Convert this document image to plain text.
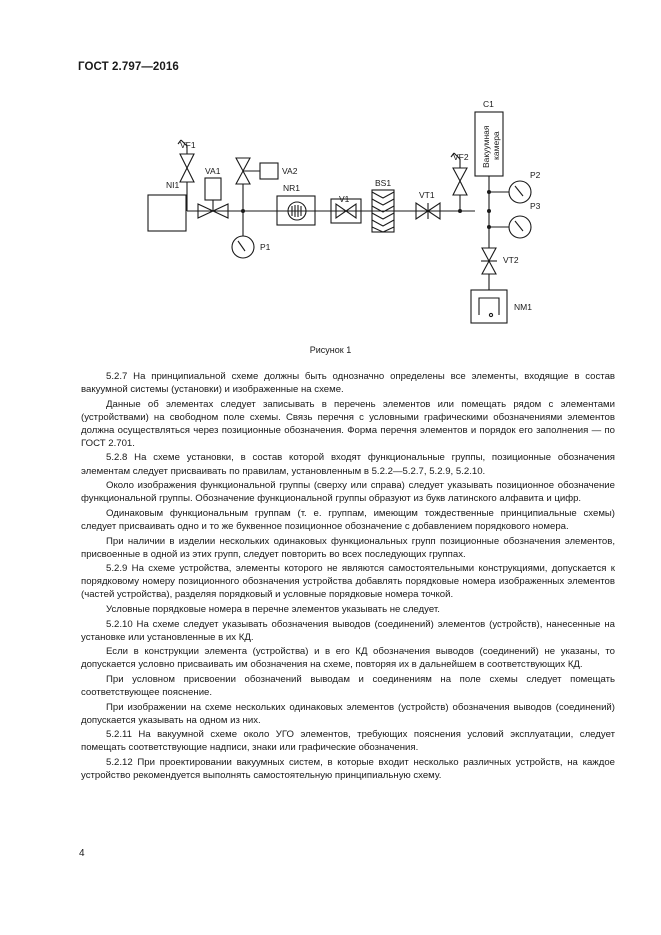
ГОСТ 2.797—2016
VF1
NI1
VA1	VA2
P1
NR1
V1
BS1
VT1
VF2
C1
Вакуумная камера
P2
P3
VT2
NM1
Рисунок 1

5.2.7 На принципиальной схеме должны быть однозначно определены все элементы, входящие в состав вакуумной системы (установки) и изображенные на схеме.

Данные об элементах следует записывать в перечень элементов или помещать рядом с элементами (устройствами) на свободном поле схемы. Связь перечня с условными графическими обозначениями элементов должна осуществляться через позиционные обозначения. Форма перечня элементов и порядок его заполнения — по ГОСТ 2.701.

5.2.8 На схеме установки, в состав которой входят функциональные группы, позиционные обозначения элементам следует присваивать по правилам, установленным в 5.2.2—5.2.7, 5.2.9, 5.2.10.

Около изображения функциональной группы (сверху или справа) следует указывать позиционное обозначение функциональной группы. Обозначение функциональной группы образуют из букв латинского алфавита и цифр.

Одинаковым функциональным группам (т. е. группам, имеющим тождественные принципиальные схемы) следует присваивать одно и то же буквенное позиционное обозначение с добавлением порядкового номера.

При наличии в изделии нескольких одинаковых функциональных групп позиционные обозначения элементов, присвоенные в одной из этих групп, следует повторить во всех последующих группах.

5.2.9 На схеме устройства, элементы которого не являются самостоятельными конструкциями, допускается к порядковому номеру позиционного обозначения устройства добавлять порядковые номера изображенных элементов (частей устройства), разделяя порядковый и условные порядковые номера точкой.

Условные порядковые номера в перечне элементов указывать не следует.

5.2.10 На схеме следует указывать обозначения выводов (соединений) элементов (устройств), нанесенные на установке или установленные в их КД.

Если в конструкции элемента (устройства) и в его КД обозначения выводов (соединений) не указаны, то допускается условно присваивать им обозначения на схеме, повторяя их в дальнейшем в соответствующих КД.

При условном присвоении обозначений выводам и соединениям на поле схемы следует помещать соответствующее пояснение.

При изображении на схеме нескольких одинаковых элементов (устройств) обозначения выводов (соединений) допускается указывать на одном из них.

5.2.11 На вакуумной схеме около УГО элементов, требующих пояснения условий эксплуатации, следует помещать соответствующие надписи, знаки или графические обозначения.

5.2.12 При проектировании вакуумных систем, в которые входит несколько различных устройств, на каждое устройство рекомендуется выполнять самостоятельную принципиальную схему.

4
